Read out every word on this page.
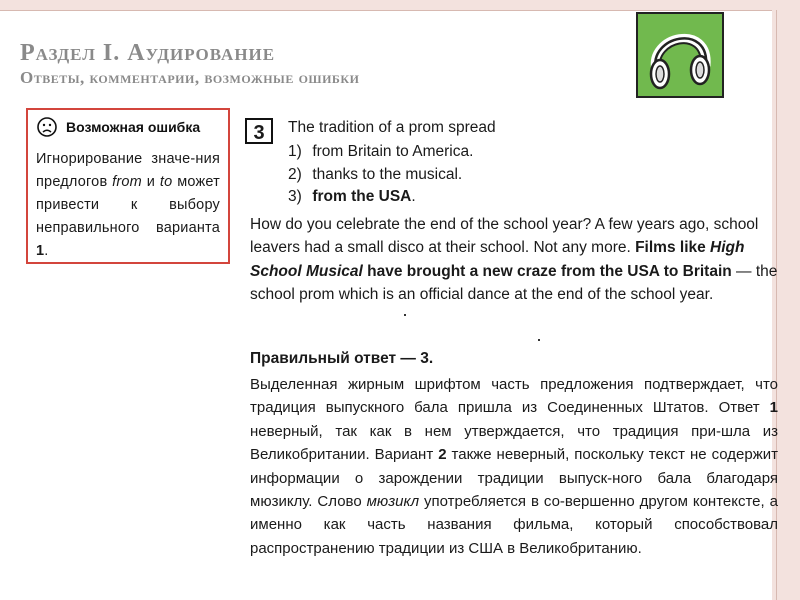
Раздел I. Аудирование
Ответы, комментарии, возможные ошибки
Возможная ошибка
Игнорирование значе-ния предлогов from и to может привести к выбору неправильного варианта 1.
3	The tradition of a prom spread
1) from Britain to America.
2) thanks to the musical.
3) from the USA.

How do you celebrate the end of the school year? A few years ago, school leavers had a small disco at their school. Not any more. Films like High School Musical have brought a new craze from the USA to Britain — the school prom which is an official dance at the end of the school year.

Правильный ответ — 3.

Выделенная жирным шрифтом часть предложения подтверждает, что традиция выпускного бала пришла из Соединенных Штатов. Ответ 1 неверный, так как в нем утверждается, что традиция при-шла из Великобритании. Вариант 2 также неверный, поскольку текст не содержит информации о зарождении традиции выпуск-ного бала благодаря мюзиклу. Слово мюзикл употребляется в со-вершенно другом контексте, а именно как часть названия фильма, который способствовал распространению традиции из США в Великобританию.
